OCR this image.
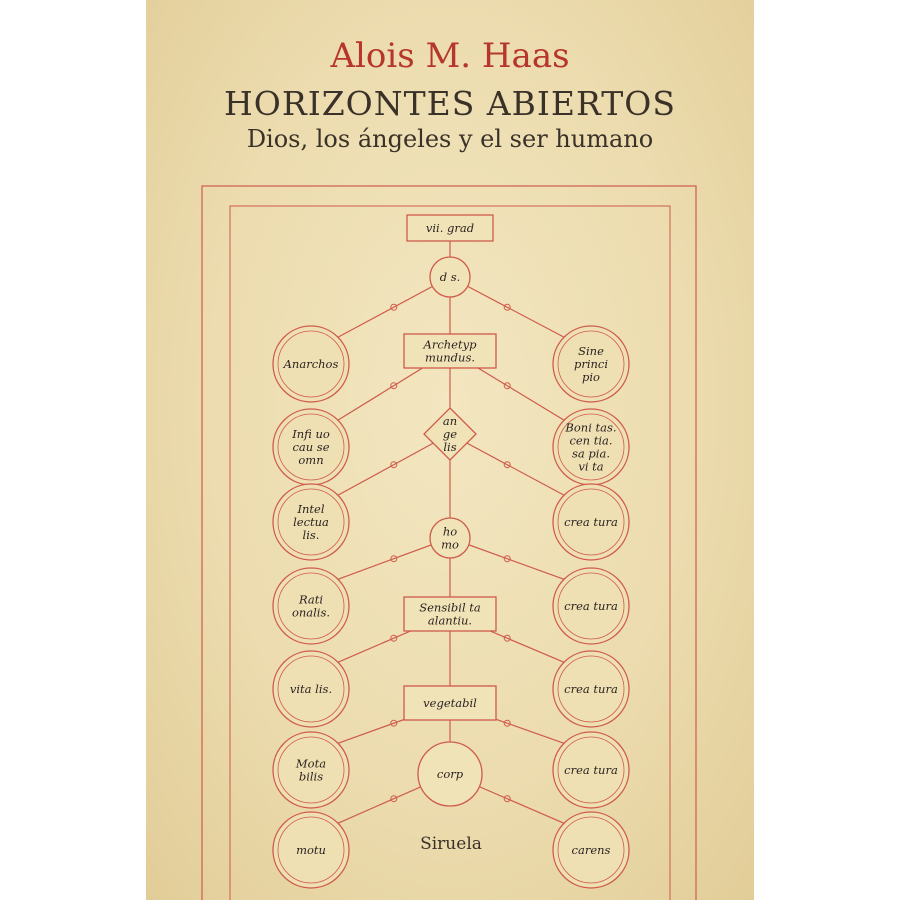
Anarchos
Sine
princi
pio
Infi uo
cau se
omn
Boni tas.
cen tia.
sa pia.
vi ta
Intel
lectua
lis.
crea tura
Rati
onalis.	crea tura
vita lis.	crea tura
Mota
bilis	crea tura
motu	carens
vii. grad
d s.
Archetyp
mundus.
an
ge
lis
ho
mo
Sensibil ta
alantiu.
vegetabil
corp
Alois M. Haas
HORIZONTES ABIERTOS
Dios, los ángeles y el ser humano
Siruela
